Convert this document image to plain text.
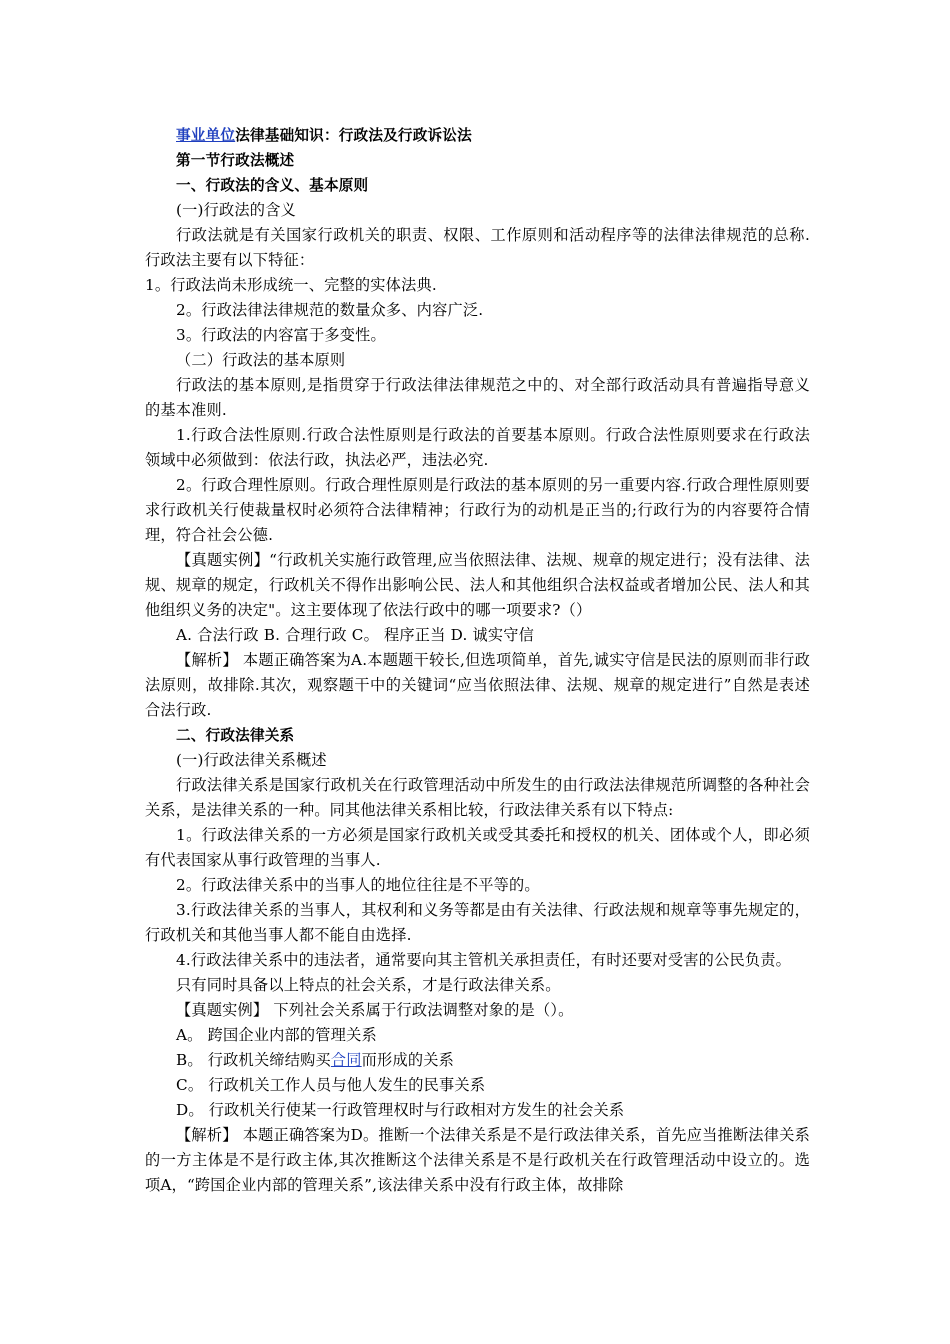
事业单位法律基础知识：行政法及行政诉讼法

第一节行政法概述

一、行政法的含义、基本原则

(一)行政法的含义

行政法就是有关国家行政机关的职责、权限、工作原则和活动程序等的法律法律规范的总称. 行政法主要有以下特征：

1。行政法尚未形成统一、完整的实体法典.

2。行政法律法律规范的数量众多、内容广泛.

3。行政法的内容富于多变性。

（二）行政法的基本原则

行政法的基本原则,是指贯穿于行政法律法律规范之中的、对全部行政活动具有普遍指导意义的基本准则.

1.行政合法性原则.行政合法性原则是行政法的首要基本原则。行政合法性原则要求在行政法领域中必须做到：依法行政，执法必严，违法必究.

2。行政合理性原则。行政合理性原则是行政法的基本原则的另一重要内容.行政合理性原则要求行政机关行使裁量权时必须符合法律精神；行政行为的动机是正当的;行政行为的内容要符合情理，符合社会公德.

【真题实例】“行政机关实施行政管理,应当依照法律、法规、规章的规定进行；没有法律、法规、规章的规定，行政机关不得作出影响公民、法人和其他组织合法权益或者增加公民、法人和其他组织义务的决定"。这主要体现了依法行政中的哪一项要求?（）

A. 合法行政 B. 合理行政 C。 程序正当 D. 诚实守信

【解析】 本题正确答案为A.本题题干较长,但选项简单，首先,诚实守信是民法的原则而非行政法原则，故排除.其次，观察题干中的关键词“应当依照法律、法规、规章的规定进行”自然是表述合法行政.

二、行政法律关系

(一)行政法律关系概述

行政法律关系是国家行政机关在行政管理活动中所发生的由行政法法律规范所调整的各种社会关系，是法律关系的一种。同其他法律关系相比较，行政法律关系有以下特点:

1。行政法律关系的一方必须是国家行政机关或受其委托和授权的机关、团体或个人，即必须有代表国家从事行政管理的当事人.

2。行政法律关系中的当事人的地位往往是不平等的。

3.行政法律关系的当事人，其权利和义务等都是由有关法律、行政法规和规章等事先规定的，行政机关和其他当事人都不能自由选择.

4.行政法律关系中的违法者，通常要向其主管机关承担责任，有时还要对受害的公民负责。

只有同时具备以上特点的社会关系，才是行政法律关系。

【真题实例】 下列社会关系属于行政法调整对象的是（）。

A。 跨国企业内部的管理关系

B。 行政机关缔结购买合同而形成的关系

C。 行政机关工作人员与他人发生的民事关系

D。 行政机关行使某一行政管理权时与行政相对方发生的社会关系

【解析】 本题正确答案为D。推断一个法律关系是不是行政法律关系，首先应当推断法律关系的一方主体是不是行政主体,其次推断这个法律关系是不是行政机关在行政管理活动中设立的。选项A，“跨国企业内部的管理关系”,该法律关系中没有行政主体，故排除
